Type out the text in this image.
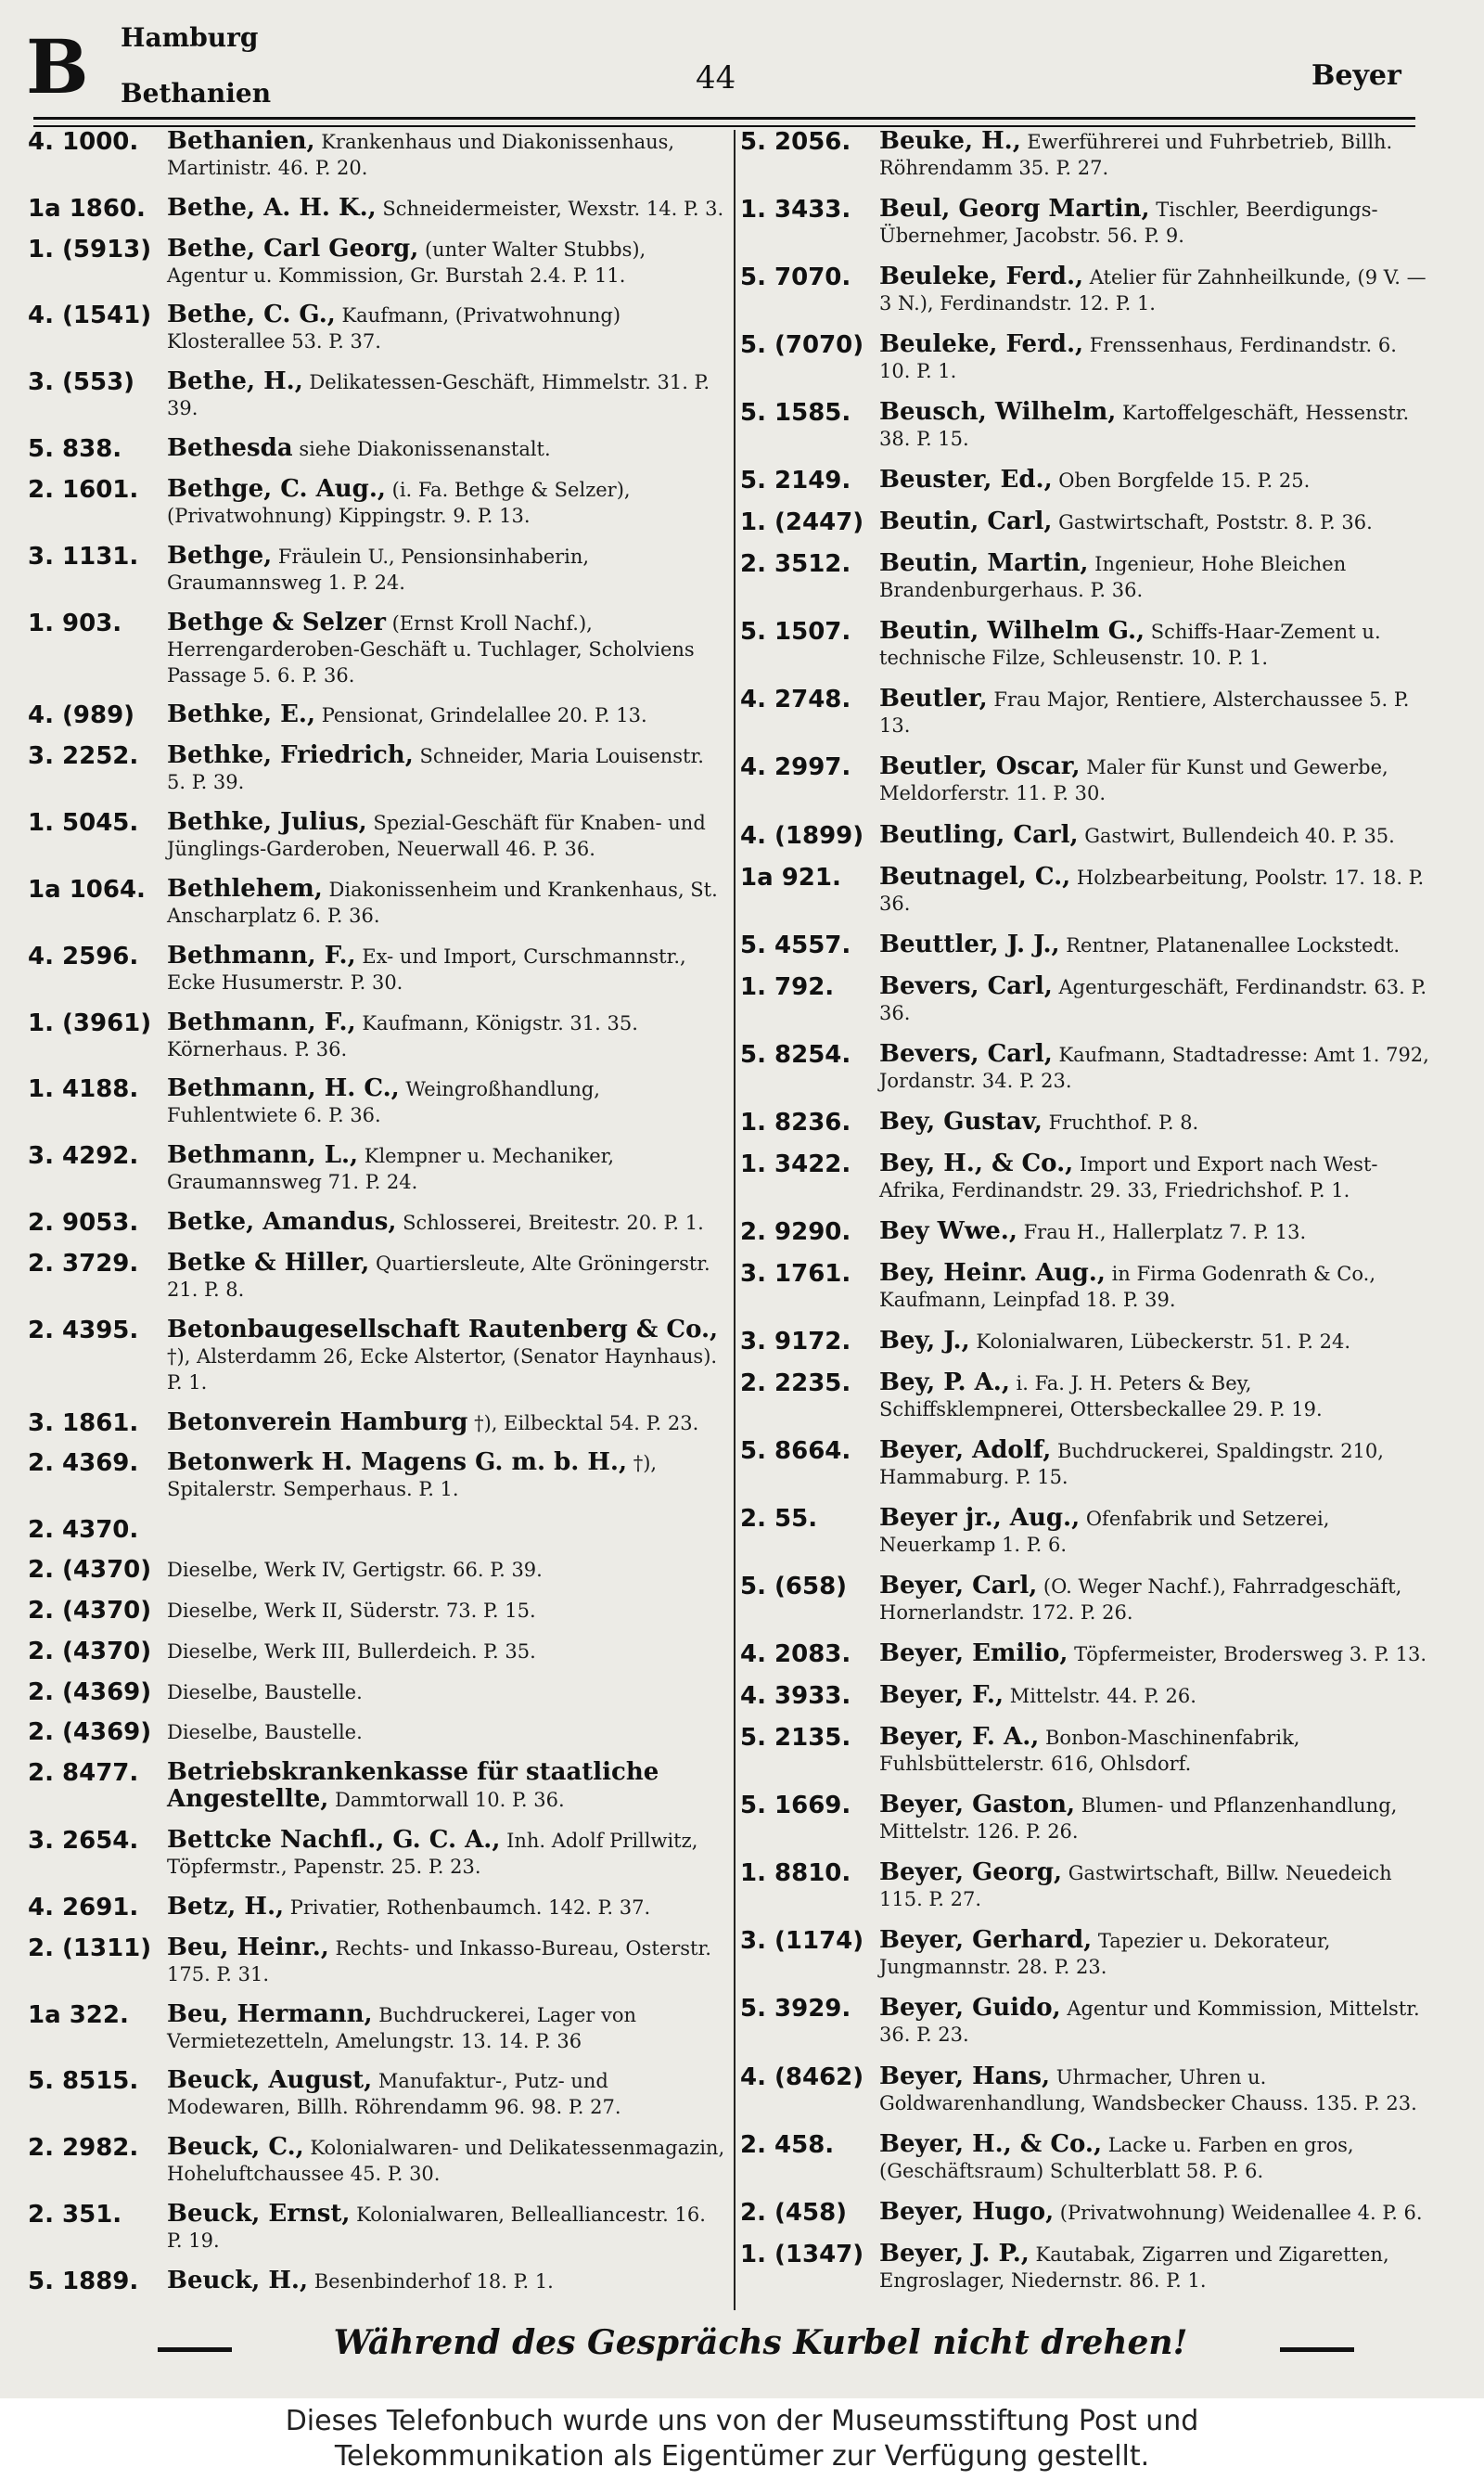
B Hamburg
Bethanien	44	Beyer
4. 1000. Bethanien, Krankenhaus und Diakonissenhaus, Martinistr. 46. P. 20.
1a 1860. Bethe, A. H. K., Schneidermeister, Wexstr. 14. P. 3.
1. (5913) Bethe, Carl Georg, (unter Walter Stubbs), Agentur u. Kommission, Gr. Burstah 2.4. P. 11.
4. (1541) Bethe, C. G., Kaufmann, (Privatwohnung) Klosterallee 53. P. 37.
3. (553) Bethe, H., Delikatessen-Geschäft, Himmelstr. 31. P. 39.
5. 838. Bethesda siehe Diakonissenanstalt.
2. 1601. Bethge, C. Aug., (i. Fa. Bethge & Selzer), (Privatwohnung) Kippingstr. 9. P. 13.
3. 1131. Bethge, Fräulein U., Pensionsinhaberin, Graumannsweg 1. P. 24.
1. 903. Bethge & Selzer (Ernst Kroll Nachf.), Herrengarderoben-Geschäft u. Tuchlager, Scholviens Passage 5. 6. P. 36.
4. (989) Bethke, E., Pensionat, Grindelallee 20. P. 13.
3. 2252. Bethke, Friedrich, Schneider, Maria Louisenstr. 5. P. 39.
1. 5045. Bethke, Julius, Spezial-Geschäft für Knaben- und Jünglings-Garderoben, Neuerwall 46. P. 36.
1a 1064. Bethlehem, Diakonissenheim und Krankenhaus, St. Anscharplatz 6. P. 36.
4. 2596. Bethmann, F., Ex- und Import, Curschmannstr., Ecke Husumerstr. P. 30.
1. (3961) Bethmann, F., Kaufmann, Königstr. 31. 35. Körnerhaus. P. 36.
1. 4188. Bethmann, H. C., Weingroßhandlung, Fuhlentwiete 6. P. 36.
3. 4292. Bethmann, L., Klempner u. Mechaniker, Graumannsweg 71. P. 24.
2. 9053. Betke, Amandus, Schlosserei, Breitestr. 20. P. 1.
2. 3729. Betke & Hiller, Quartiersleute, Alte Gröningerstr. 21. P. 8.
2. 4395. Betonbaugesellschaft Rautenberg & Co., †), Alsterdamm 26, Ecke Alstertor, (Senator Haynhaus). P. 1.
3. 1861. Betonverein Hamburg †), Eilbecktal 54. P. 23.
2. 4369. Betonwerk H. Magens G. m. b. H., †), Spitalerstr. Semperhaus. P. 1.
2. 4370.
2. (4370) Dieselbe, Werk IV, Gertigstr. 66. P. 39.
2. (4370) Dieselbe, Werk II, Süderstr. 73. P. 15.
2. (4370) Dieselbe, Werk III, Bullerdeich. P. 35.
2. (4369) Dieselbe, Baustelle.
2. (4369) Dieselbe, Baustelle.
2. 8477. Betriebskrankenkasse für staatliche Angestellte, Dammtorwall 10. P. 36.
3. 2654. Bettcke Nachfl., G. C. A., Inh. Adolf Prillwitz, Töpfermstr., Papenstr. 25. P. 23.
4. 2691. Betz, H., Privatier, Rothenbaumch. 142. P. 37.
2. (1311) Beu, Heinr., Rechts- und Inkasso-Bureau, Osterstr. 175. P. 31.
1a 322. Beu, Hermann, Buchdruckerei, Lager von Vermietezetteln, Amelungstr. 13. 14. P. 36
5. 8515. Beuck, August, Manufaktur-, Putz- und Modewaren, Billh. Röhrendamm 96. 98. P. 27.
2. 2982. Beuck, C., Kolonialwaren- und Delikatessenmagazin, Hoheluftchaussee 45. P. 30.
2. 351. Beuck, Ernst, Kolonialwaren, Bellealliancestr. 16. P. 19.
5. 1889. Beuck, H., Besenbinderhof 18. P. 1.
5. 2056. Beuke, H., Ewerführerei und Fuhrbetrieb, Billh. Röhrendamm 35. P. 27.
1. 3433. Beul, Georg Martin, Tischler, Beerdigungs-Übernehmer, Jacobstr. 56. P. 9.
5. 7070. Beuleke, Ferd., Atelier für Zahnheilkunde, (9 V. — 3 N.), Ferdinandstr. 12. P. 1.
5. (7070) Beuleke, Ferd., Frenssenhaus, Ferdinandstr. 6. 10. P. 1.
5. 1585. Beusch, Wilhelm, Kartoffelgeschäft, Hessenstr. 38. P. 15.
5. 2149. Beuster, Ed., Oben Borgfelde 15. P. 25.
1. (2447) Beutin, Carl, Gastwirtschaft, Poststr. 8. P. 36.
2. 3512. Beutin, Martin, Ingenieur, Hohe Bleichen Brandenburgerhaus. P. 36.
5. 1507. Beutin, Wilhelm G., Schiffs-Haar-Zement u. technische Filze, Schleusenstr. 10. P. 1.
4. 2748. Beutler, Frau Major, Rentiere, Alsterchaussee 5. P. 13.
4. 2997. Beutler, Oscar, Maler für Kunst und Gewerbe, Meldorferstr. 11. P. 30.
4. (1899) Beutling, Carl, Gastwirt, Bullendeich 40. P. 35.
1a 921. Beutnagel, C., Holzbearbeitung, Poolstr. 17. 18. P. 36.
5. 4557. Beuttler, J. J., Rentner, Platanenallee Lockstedt.
1. 792. Bevers, Carl, Agenturgeschäft, Ferdinandstr. 63. P. 36.
5. 8254. Bevers, Carl, Kaufmann, Stadtadresse: Amt 1. 792, Jordanstr. 34. P. 23.
1. 8236. Bey, Gustav, Fruchthof. P. 8.
1. 3422. Bey, H., & Co., Import und Export nach West-Afrika, Ferdinandstr. 29. 33, Friedrichshof. P. 1.
2. 9290. Bey Wwe., Frau H., Hallerplatz 7. P. 13.
3. 1761. Bey, Heinr. Aug., in Firma Godenrath & Co., Kaufmann, Leinpfad 18. P. 39.
3. 9172. Bey, J., Kolonialwaren, Lübeckerstr. 51. P. 24.
2. 2235. Bey, P. A., i. Fa. J. H. Peters & Bey, Schiffsklempnerei, Ottersbeckallee 29. P. 19.
5. 8664. Beyer, Adolf, Buchdruckerei, Spaldingstr. 210, Hammaburg. P. 15.
2. 55.	Beyer jr., Aug., Ofenfabrik und Setzerei, Neuerkamp 1. P. 6.
5. (658) Beyer, Carl, (O. Weger Nachf.), Fahrradgeschäft, Hornerlandstr. 172. P. 26.
4. 2083. Beyer, Emilio, Töpfermeister, Brodersweg 3. P. 13.
4. 3933. Beyer, F., Mittelstr. 44. P. 26.
5. 2135. Beyer, F. A., Bonbon-Maschinenfabrik, Fuhlsbüttelerstr. 616, Ohlsdorf.
5. 1669. Beyer, Gaston, Blumen- und Pflanzenhandlung, Mittelstr. 126. P. 26.
1. 8810. Beyer, Georg, Gastwirtschaft, Billw. Neuedeich 115. P. 27.
3. (1174) Beyer, Gerhard, Tapezier u. Dekorateur, Jungmannstr. 28. P. 23.
5. 3929. Beyer, Guido, Agentur und Kommission, Mittelstr. 36. P. 23.
4. (8462) Beyer, Hans, Uhrmacher, Uhren u. Goldwarenhandlung, Wandsbecker Chauss. 135. P. 23.
2. 458. Beyer, H., & Co., Lacke u. Farben en gros, (Geschäftsraum) Schulterblatt 58. P. 6.
2. (458) Beyer, Hugo, (Privatwohnung) Weidenallee 4. P. 6.
1. (1347) Beyer, J. P., Kautabak, Zigarren und Zigaretten, Engroslager, Niedernstr. 86. P. 1.
Während des Gesprächs Kurbel nicht drehen!
Dieses Telefonbuch wurde uns von der Museumsstiftung Post und
Telekommunikation als Eigentümer zur Verfügung gestellt.
